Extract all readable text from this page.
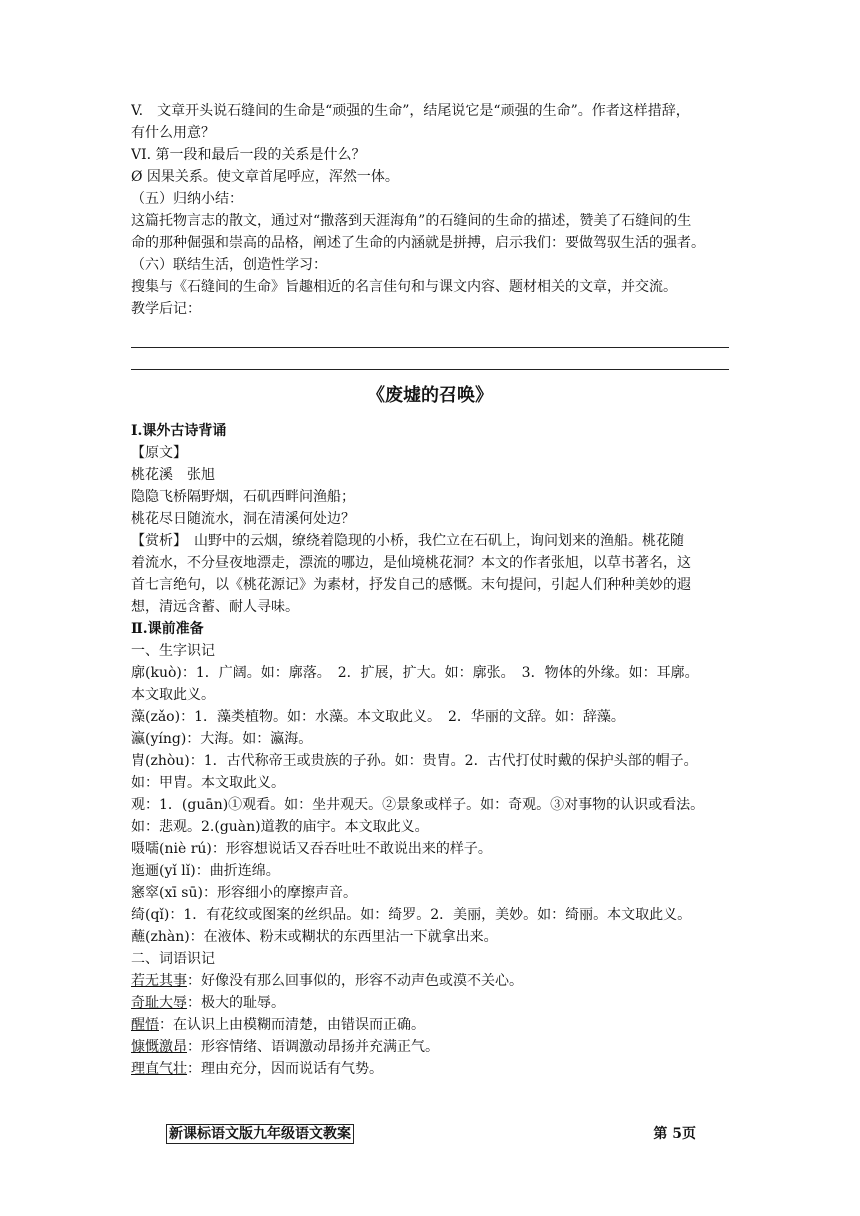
V.　文章开头说石缝间的生命是“顽强的生命”，结尾说它是“顽强的生命”。作者这样措辞，
有什么用意？
VI. 第一段和最后一段的关系是什么？
Ø 因果关系。使文章首尾呼应，浑然一体。
（五）归纳小结：
这篇托物言志的散文，通过对“撒落到天涯海角”的石缝间的生命的描述，赞美了石缝间的生
命的那种倔强和崇高的品格，阐述了生命的内涵就是拼搏，启示我们：要做驾驭生活的强者。
（六）联结生活，创造性学习：
搜集与《石缝间的生命》旨趣相近的名言佳句和与课文内容、题材相关的文章，并交流。
教学后记：
《废墟的召唤》
Ⅰ.课外古诗背诵
【原文】
桃花溪　张旭
隐隐飞桥隔野烟，石矶西畔问渔船；
桃花尽日随流水，洞在清溪何处边？
【赏析】　山野中的云烟，缭绕着隐现的小桥，我伫立在石矶上，询问划来的渔船。桃花随
着流水，不分昼夜地漂走，漂流的哪边，是仙境桃花洞？本文的作者张旭，以草书著名，这
首七言绝句，以《桃花源记》为素材，抒发自己的感慨。末句提问，引起人们种种美妙的遐
想，清远含蓄、耐人寻味。
Ⅱ.课前准备
一、生字识记
廓(kuò)：1．广阔。如：廓落。　2．扩展，扩大。如：廓张。　3．物体的外缘。如：耳廓。
本文取此义。
藻(zǎo)：1．藻类植物。如：水藻。本文取此义。　2．华丽的文辞。如：辞藻。
瀛(yíng)：大海。如：瀛海。
胄(zhòu)：1．古代称帝王或贵族的子孙。如：贵胄。2．古代打仗时戴的保护头部的帽子。
如：甲胄。本文取此义。
观：1．(guān)①观看。如：坐井观天。②景象或样子。如：奇观。③对事物的认识或看法。
如：悲观。2.(guàn)道教的庙宇。本文取此义。
嗫嚅(niè rú)：形容想说话又吞吞吐吐不敢说出来的样子。
迤逦(yǐ lǐ)：曲折连绵。
窸窣(xī sū)：形容细小的摩擦声音。
绮(qǐ)：1．有花纹或图案的丝织品。如：绮罗。2．美丽，美妙。如：绮丽。本文取此义。
蘸(zhàn)：在液体、粉末或糊状的东西里沾一下就拿出来。
二、词语识记
若无其事：好像没有那么回事似的，形容不动声色或漠不关心。
奇耻大辱：极大的耻辱。
醒悟：在认识上由模糊而清楚，由错误而正确。
慷慨激昂：形容情绪、语调激动昂扬并充满正气。
理直气壮：理由充分，因而说话有气势。
新课标语文版九年级语文教案	第 5页
